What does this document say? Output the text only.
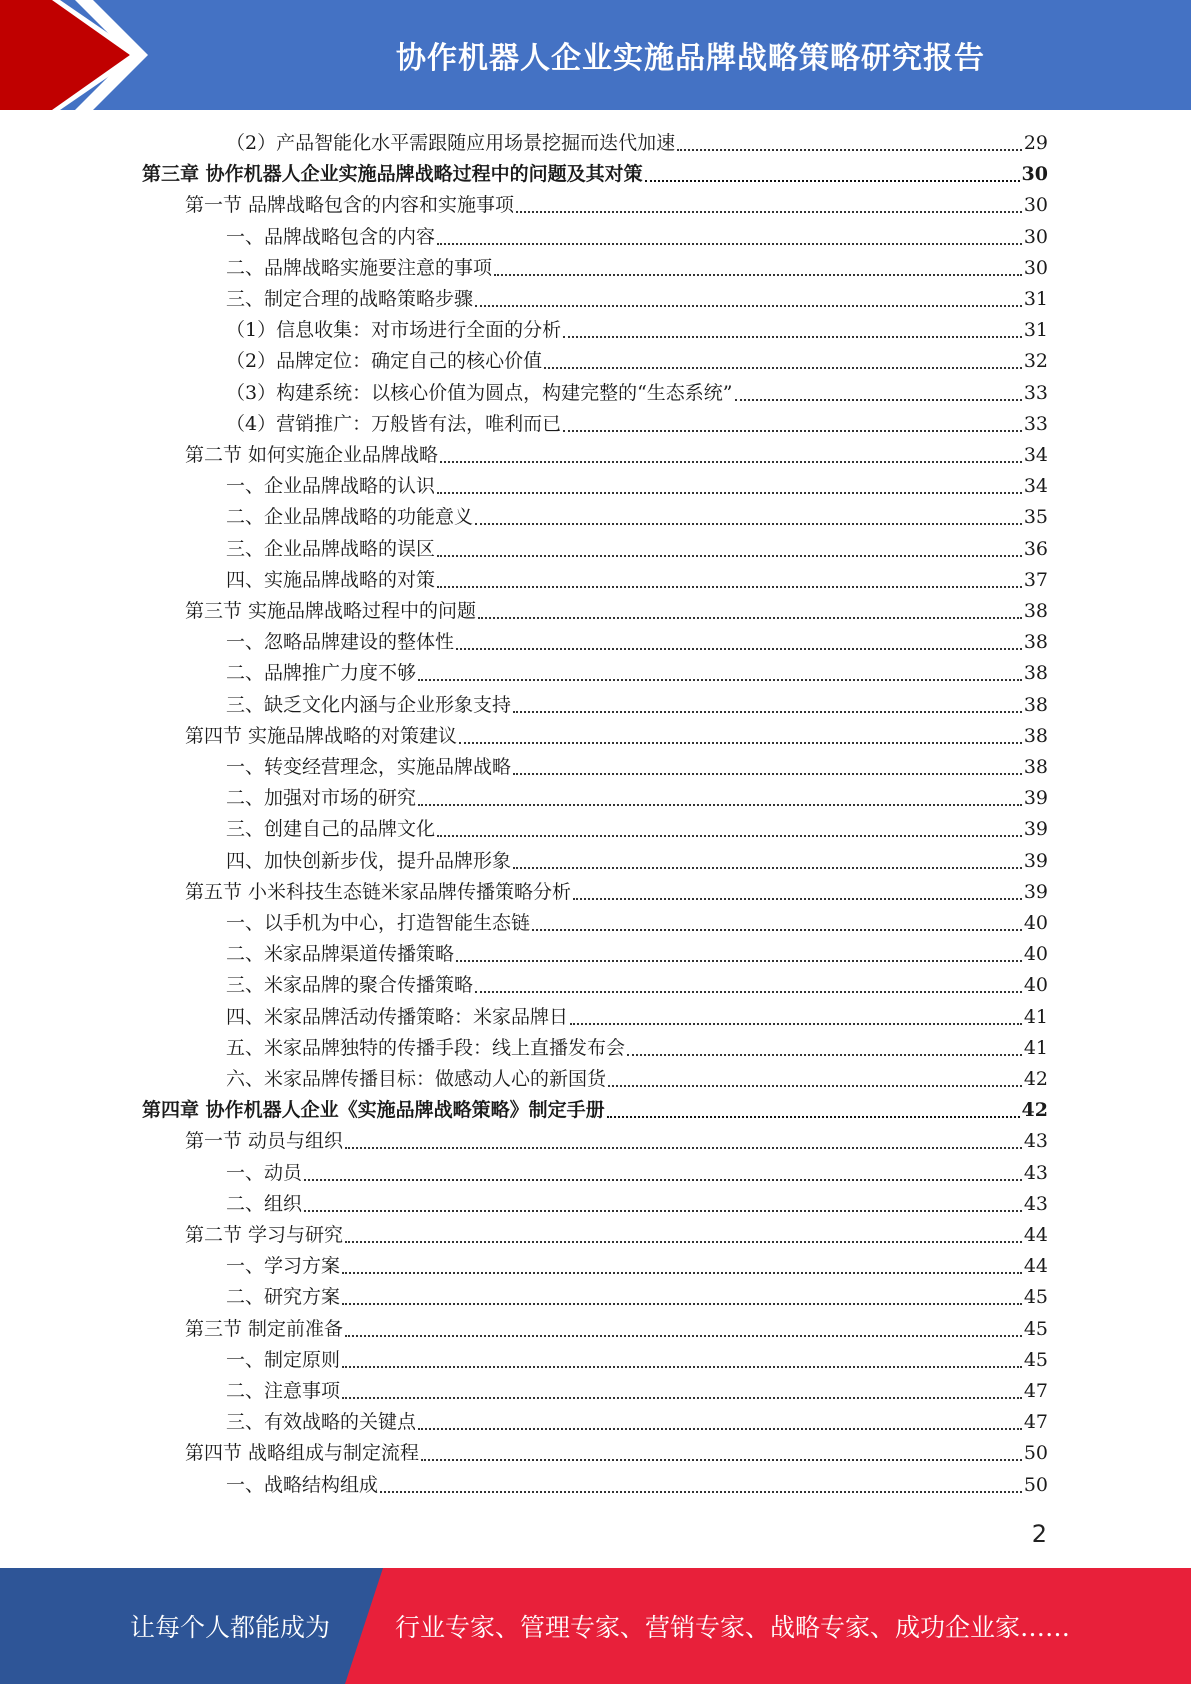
协作机器人企业实施品牌战略策略研究报告
（2）产品智能化水平需跟随应用场景挖掘而迭代加速	29
第三章 协作机器人企业实施品牌战略过程中的问题及其对策	30
第一节 品牌战略包含的内容和实施事项	30
一、品牌战略包含的内容	30
二、品牌战略实施要注意的事项	30
三、制定合理的战略策略步骤	31
（1）信息收集：对市场进行全面的分析	31
（2）品牌定位：确定自己的核心价值	32
（3）构建系统：以核心价值为圆点，构建完整的“生态系统”	33
（4）营销推广：万般皆有法，唯利而已	33
第二节 如何实施企业品牌战略	34
一、企业品牌战略的认识	34
二、企业品牌战略的功能意义	35
三、企业品牌战略的误区	36
四、实施品牌战略的对策	37
第三节 实施品牌战略过程中的问题	38
一、忽略品牌建设的整体性	38
二、品牌推广力度不够	38
三、缺乏文化内涵与企业形象支持	38
第四节 实施品牌战略的对策建议	38
一、转变经营理念，实施品牌战略	38
二、加强对市场的研究	39
三、创建自己的品牌文化	39
四、加快创新步伐，提升品牌形象	39
第五节 小米科技生态链米家品牌传播策略分析	39
一、以手机为中心，打造智能生态链	40
二、米家品牌渠道传播策略	40
三、米家品牌的聚合传播策略	40
四、米家品牌活动传播策略：米家品牌日	41
五、米家品牌独特的传播手段：线上直播发布会	41
六、米家品牌传播目标：做感动人心的新国货	42
第四章 协作机器人企业《实施品牌战略策略》制定手册	42
第一节 动员与组织	43
一、动员	43
二、组织	43
第二节 学习与研究	44
一、学习方案	44
二、研究方案	45
第三节 制定前准备	45
一、制定原则	45
二、注意事项	47
三、有效战略的关键点	47
第四节 战略组成与制定流程	50
一、战略结构组成	50
2
让每个人都能成为	行业专家、管理专家、营销专家、战略专家、成功企业家……
